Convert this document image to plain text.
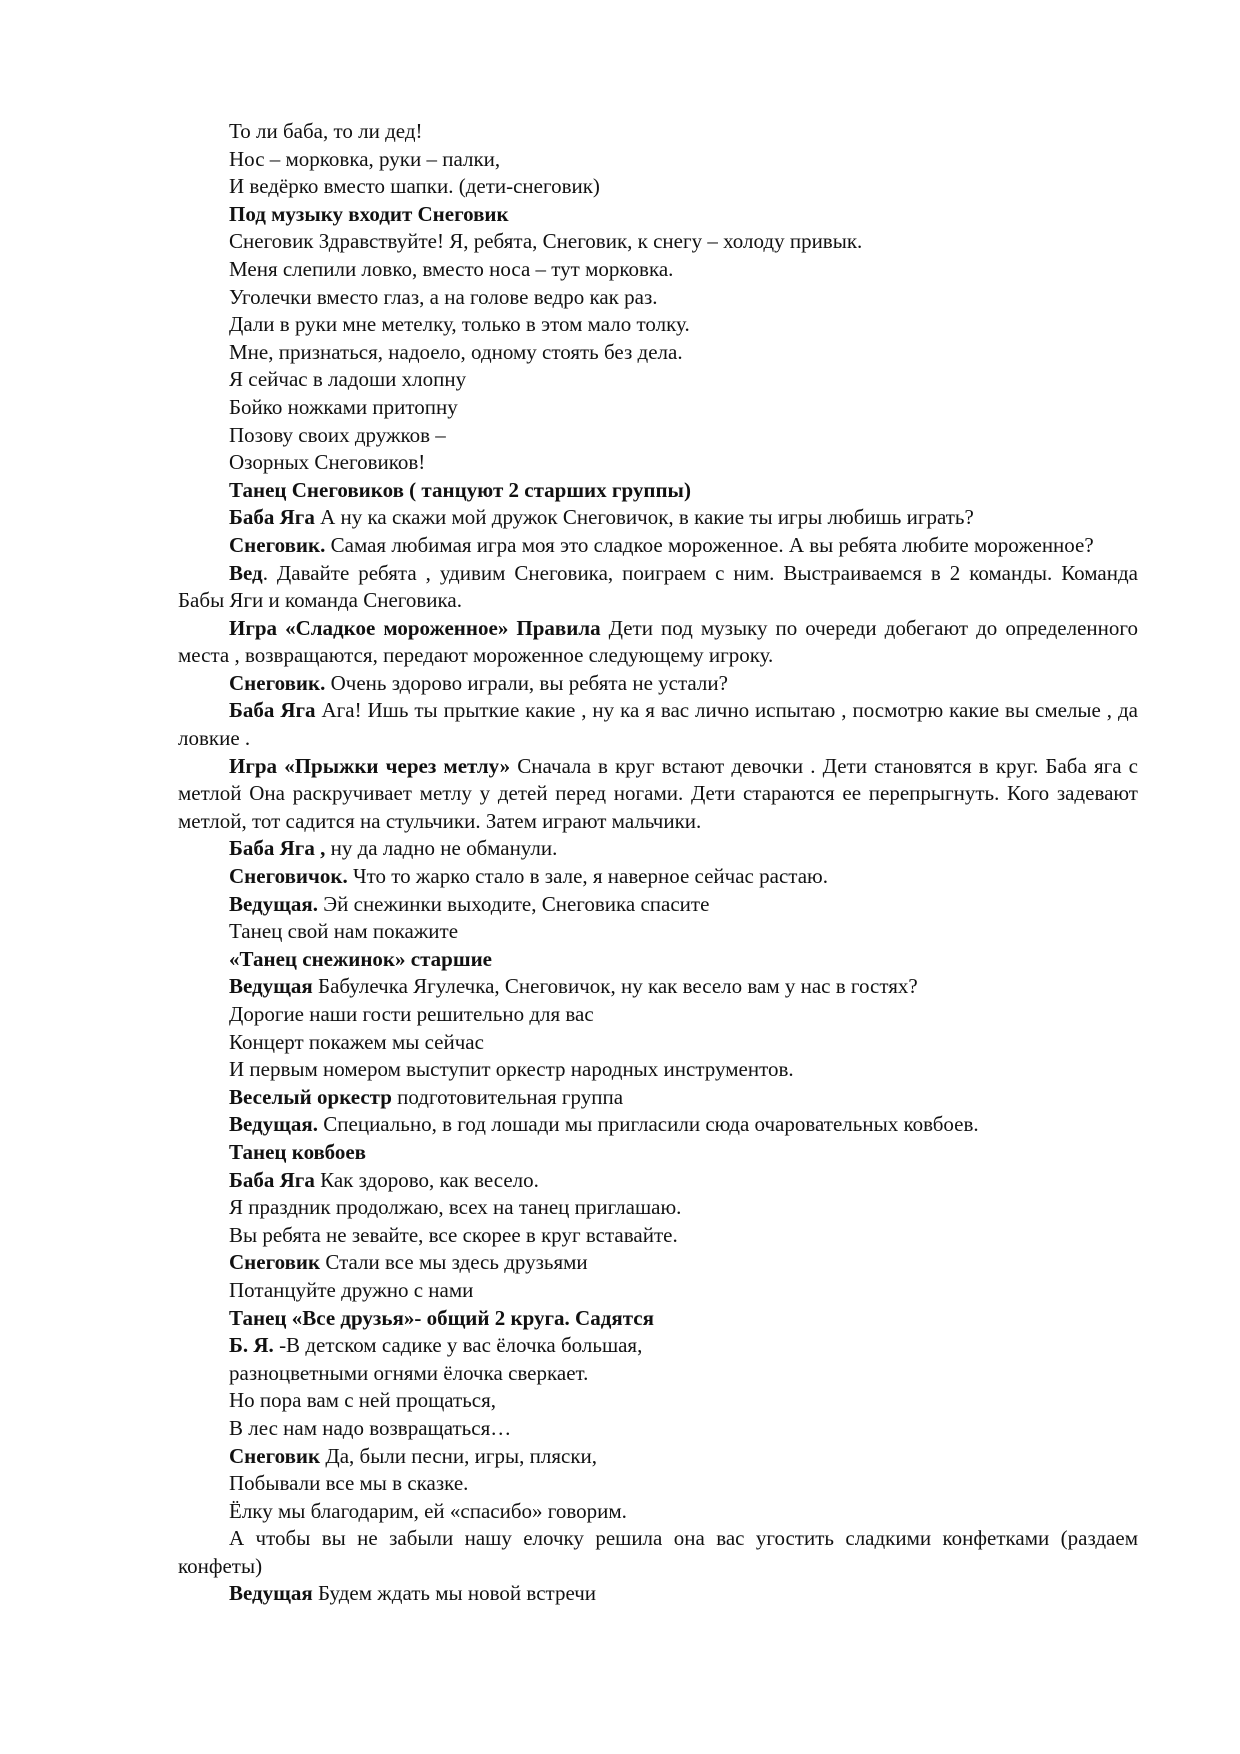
То ли баба, то ли дед!
Нос – морковка, руки – палки,
И ведёрко вместо шапки. (дети-снеговик)
Под музыку входит Снеговик
Снеговик Здравствуйте! Я, ребята, Снеговик, к снегу – холоду привык.
Меня слепили ловко, вместо носа – тут морковка.
Уголечки вместо глаз, а на голове ведро как раз.
Дали в руки мне метелку, только в этом мало толку.
Мне, признаться, надоело, одному стоять без дела.
Я сейчас в ладоши хлопну
Бойко ножками притопну
Позову своих дружков –
Озорных Снеговиков!
Танец Снеговиков ( танцуют 2 старших группы)
Баба Яга А ну ка скажи мой дружок Снеговичок, в какие ты игры любишь играть?
Снеговик. Самая любимая игра моя это сладкое мороженное. А вы ребята любите мороженное?
Вед. Давайте ребята , удивим Снеговика, поиграем с ним. Выстраиваемся в 2 команды. Команда Бабы Яги и команда Снеговика.
Игра «Сладкое мороженное» Правила Дети под музыку по очереди добегают до определенного места , возвращаются, передают мороженное следующему игроку.
Снеговик. Очень здорово играли, вы ребята не устали?
Баба Яга Ага! Ишь ты прыткие какие , ну ка я вас лично испытаю , посмотрю какие вы смелые , да ловкие .
Игра «Прыжки через метлу» Сначала в круг встают девочки . Дети становятся в круг. Баба яга с метлой Она раскручивает метлу у детей перед ногами. Дети стараются ее перепрыгнуть. Кого задевают метлой, тот садится на стульчики. Затем играют мальчики.
Баба Яга , ну да ладно не обманули.
Снеговичок. Что то жарко стало в зале, я наверное сейчас растаю.
Ведущая. Эй снежинки выходите, Снеговика спасите
Танец свой нам покажите
«Танец снежинок» старшие
Ведущая Бабулечка Ягулечка, Снеговичок, ну как весело вам у нас в гостях?
Дорогие наши гости решительно для вас
Концерт покажем мы сейчас
И первым номером выступит оркестр народных инструментов.
Веселый оркестр подготовительная группа
Ведущая. Специально, в год лошади мы пригласили сюда очаровательных ковбоев.
Танец ковбоев
Баба Яга Как здорово, как весело.
Я праздник продолжаю, всех на танец приглашаю.
Вы ребята не зевайте, все скорее в круг вставайте.
Снеговик Стали все мы здесь друзьями
Потанцуйте дружно с нами
Танец «Все друзья»- общий 2 круга. Садятся
Б. Я. -В детском садике у вас ёлочка большая,
разноцветными огнями ёлочка сверкает.
Но пора вам с ней прощаться,
В лес нам надо возвращаться…
Снеговик Да, были песни, игры, пляски,
Побывали все мы в сказке.
Ёлку мы благодарим, ей «спасибо» говорим.
А чтобы вы не забыли нашу елочку решила она вас угостить сладкими конфетками (раздаем конфеты)
Ведущая Будем ждать мы новой встречи
